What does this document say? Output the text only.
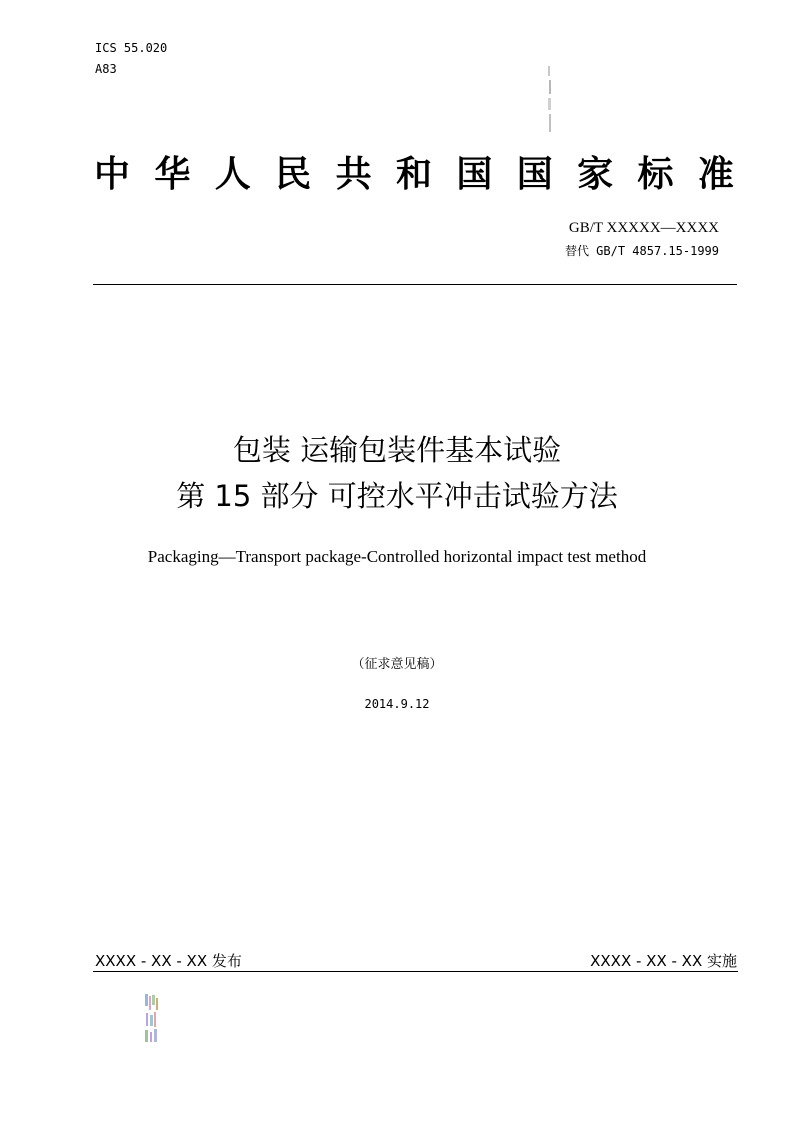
ICS 55.020
A83
中 华 人 民 共 和 国 国 家 标 准
GB/T XXXXX—XXXX
替代 GB/T 4857.15-1999
包装 运输包装件基本试验
第 15 部分 可控水平冲击试验方法
Packaging—Transport package-Controlled horizontal impact test method
（征求意见稿）
2014.9.12
XXXX - XX - XX 发布	XXXX - XX - XX 实施
